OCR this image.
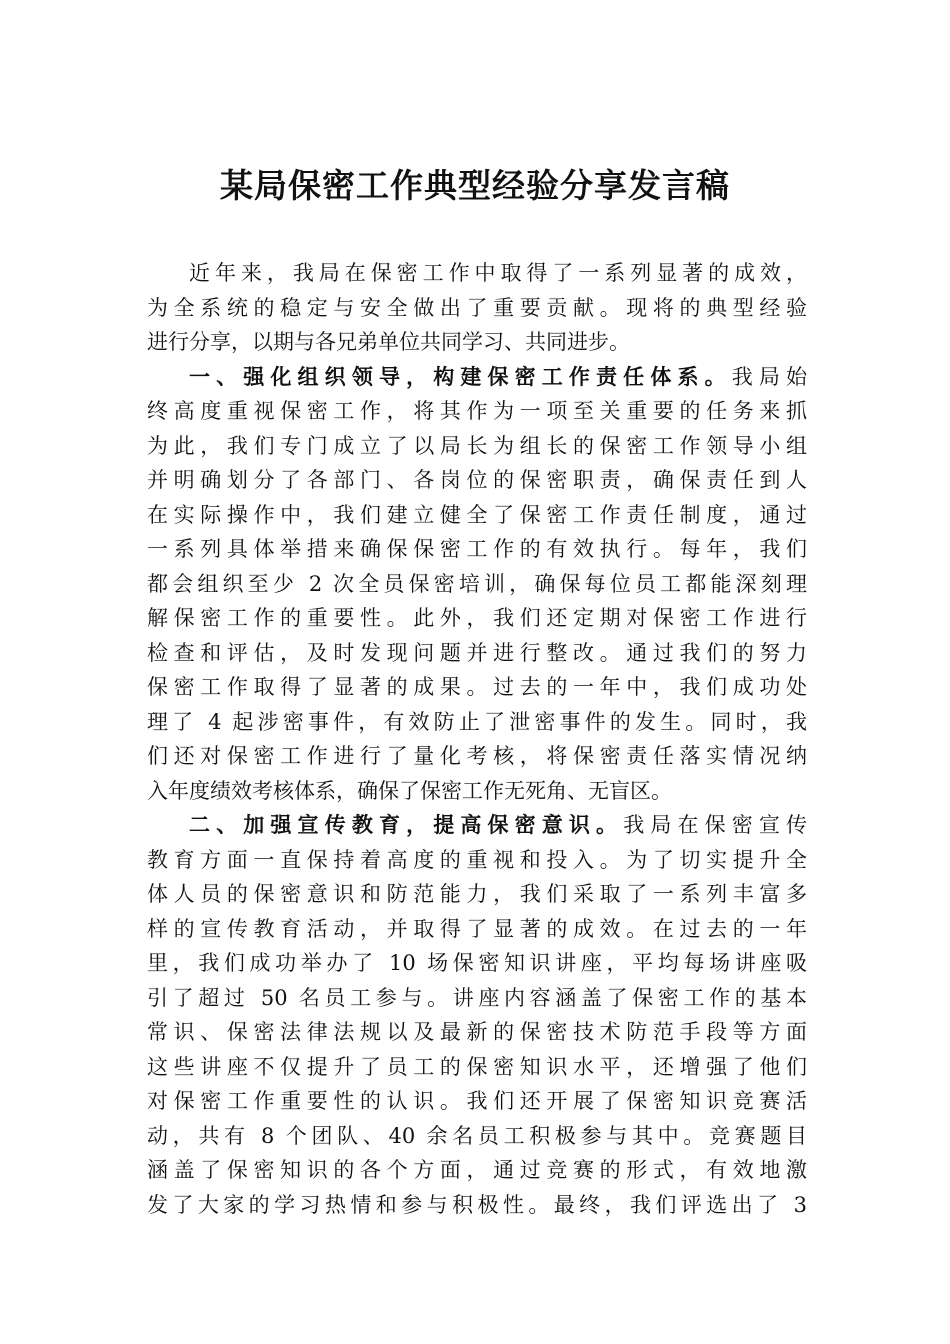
某局保密工作典型经验分享发言稿
近年来，我局在保密工作中取得了一系列显著的成效，
为全系统的稳定与安全做出了重要贡献。现将的典型经验
进行分享，以期与各兄弟单位共同学习、共同进步。
一、强化组织领导，构建保密工作责任体系。我局始
终高度重视保密工作，将其作为一项至关重要的任务来抓
为此，我们专门成立了以局长为组长的保密工作领导小组
并明确划分了各部门、各岗位的保密职责，确保责任到人
在实际操作中，我们建立健全了保密工作责任制度，通过
一系列具体举措来确保保密工作的有效执行。每年，我们
都会组织至少 2 次全员保密培训，确保每位员工都能深刻理
解保密工作的重要性。此外，我们还定期对保密工作进行
检查和评估，及时发现问题并进行整改。通过我们的努力
保密工作取得了显著的成果。过去的一年中，我们成功处
理了 4 起涉密事件，有效防止了泄密事件的发生。同时，我
们还对保密工作进行了量化考核，将保密责任落实情况纳
入年度绩效考核体系，确保了保密工作无死角、无盲区。
二、加强宣传教育，提高保密意识。我局在保密宣传
教育方面一直保持着高度的重视和投入。为了切实提升全
体人员的保密意识和防范能力，我们采取了一系列丰富多
样的宣传教育活动，并取得了显著的成效。在过去的一年
里，我们成功举办了 10 场保密知识讲座，平均每场讲座吸
引了超过 50 名员工参与。讲座内容涵盖了保密工作的基本
常识、保密法律法规以及最新的保密技术防范手段等方面
这些讲座不仅提升了员工的保密知识水平，还增强了他们
对保密工作重要性的认识。我们还开展了保密知识竞赛活
动，共有 8 个团队、40 余名员工积极参与其中。竞赛题目
涵盖了保密知识的各个方面，通过竞赛的形式，有效地激
发了大家的学习热情和参与积极性。最终，我们评选出了 3
